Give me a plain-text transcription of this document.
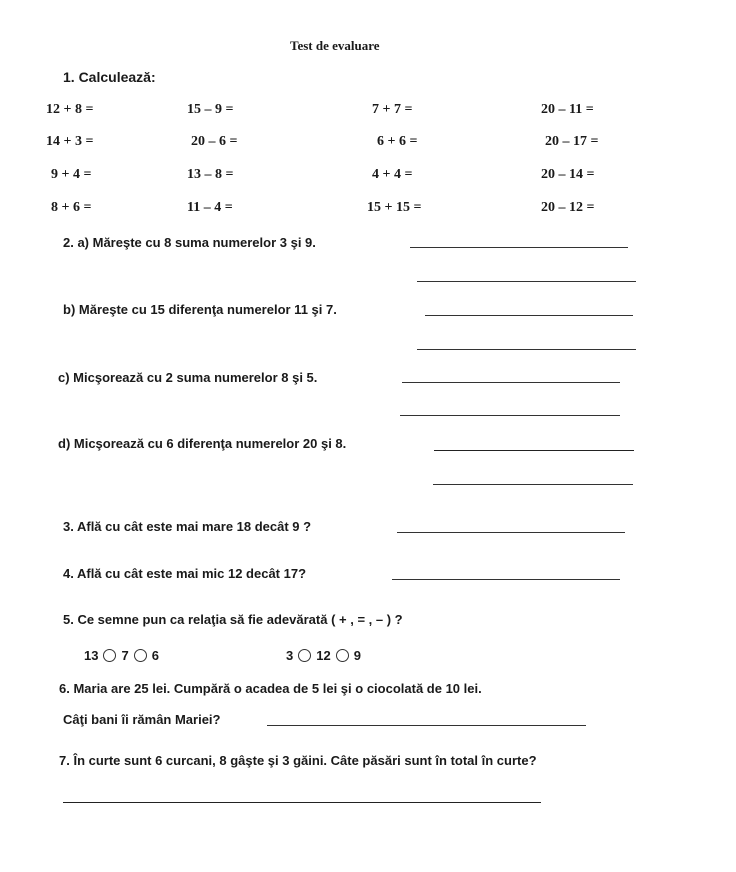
Test de evaluare
1. Calculează:
12 + 8 =	15 – 9 =	7 + 7 =	20 – 11 =
14 + 3 =	20 – 6 =	6 + 6 =	20 – 17 =
9 + 4 =	13 – 8 =	4 + 4 =	20 – 14 =
8 + 6 =	11 – 4 =	15 + 15 =	20 – 12 =
2. a) Măreşte cu 8 suma numerelor 3 şi 9.
b) Măreşte cu 15 diferenţa numerelor 11 şi 7.
c) Micşorează cu 2 suma numerelor 8 şi 5.
d) Micşorează cu 6 diferenţa numerelor 20 şi 8.
3. Află cu cât este mai mare 18 decât 9 ?
4. Află cu cât este mai mic 12 decât 17?
5. Ce semne pun ca relaţia să fie adevărată ( + , = , – ) ?
13 7 6	3 12 9
6. Maria are 25 lei. Cumpără o acadea de 5 lei şi o ciocolată de 10 lei.
Câţi bani îi rămân Mariei?
7. În curte sunt 6 curcani, 8 gâşte şi 3 găini. Câte păsări sunt în total în curte?
